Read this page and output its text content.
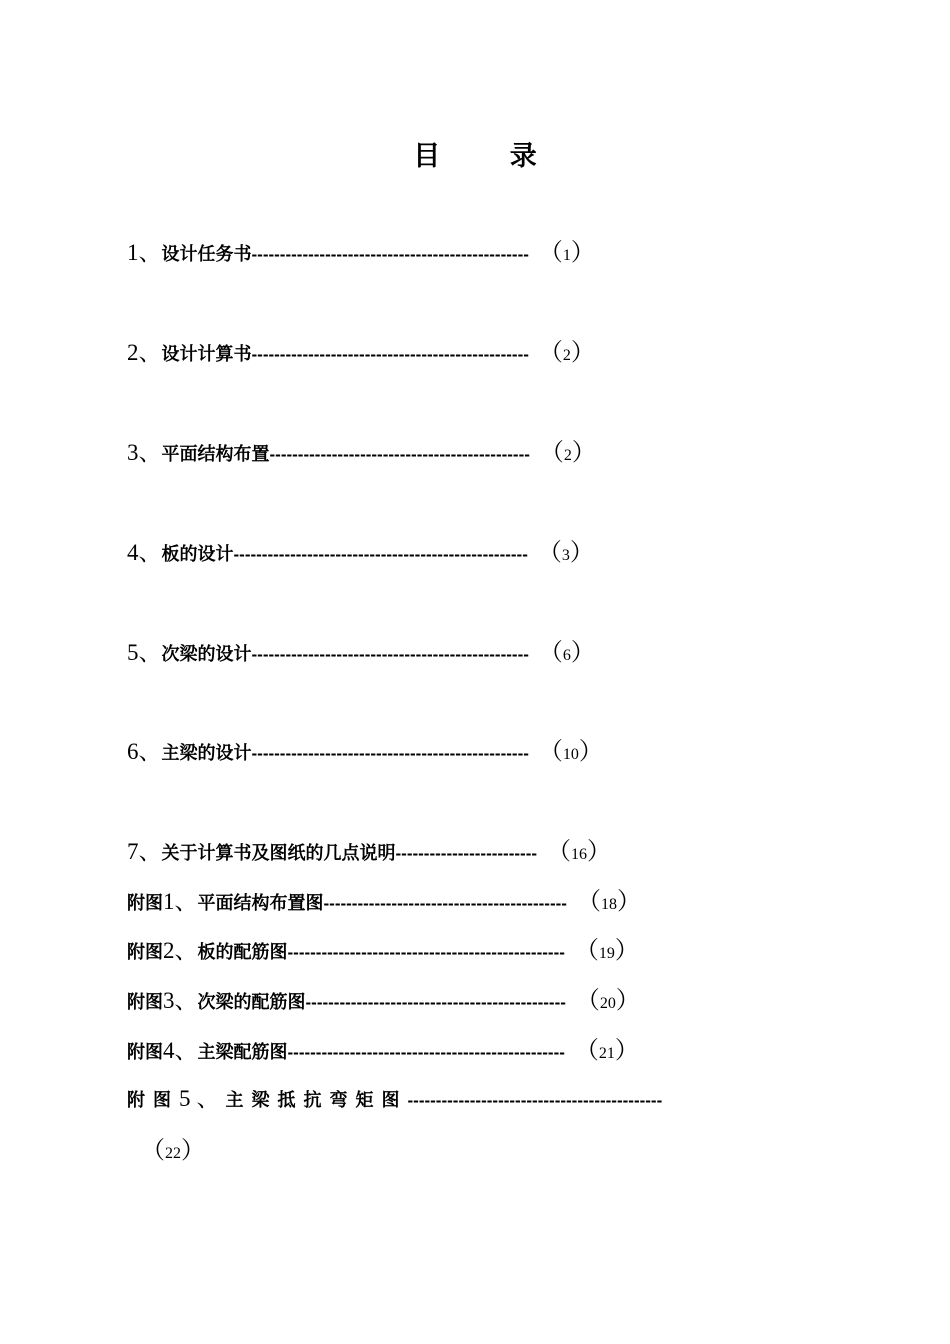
目 录
1、 设计任务书 ------------------------------------------------- （1）
2、 设计计算书 ------------------------------------------------- （2）
3、 平面结构布置 ---------------------------------------------- （2）
4、 板的设计 ---------------------------------------------------- （3）
5、 次梁的设计 ------------------------------------------------- （6）
6、 主梁的设计 ------------------------------------------------- （10）
7、 关于计算书及图纸的几点说明 ------------------------- （16）
附图 1、 平面结构布置图 ------------------------------------------- （18）
附图 2、 板的配筋图 ------------------------------------------------- （19）
附图 3、 次梁的配筋图 ---------------------------------------------- （20）
附图 4、 主梁配筋图 ------------------------------------------------- （21）
附图 5、 主梁抵抗弯矩图 ---------------------------------------------
（22）
